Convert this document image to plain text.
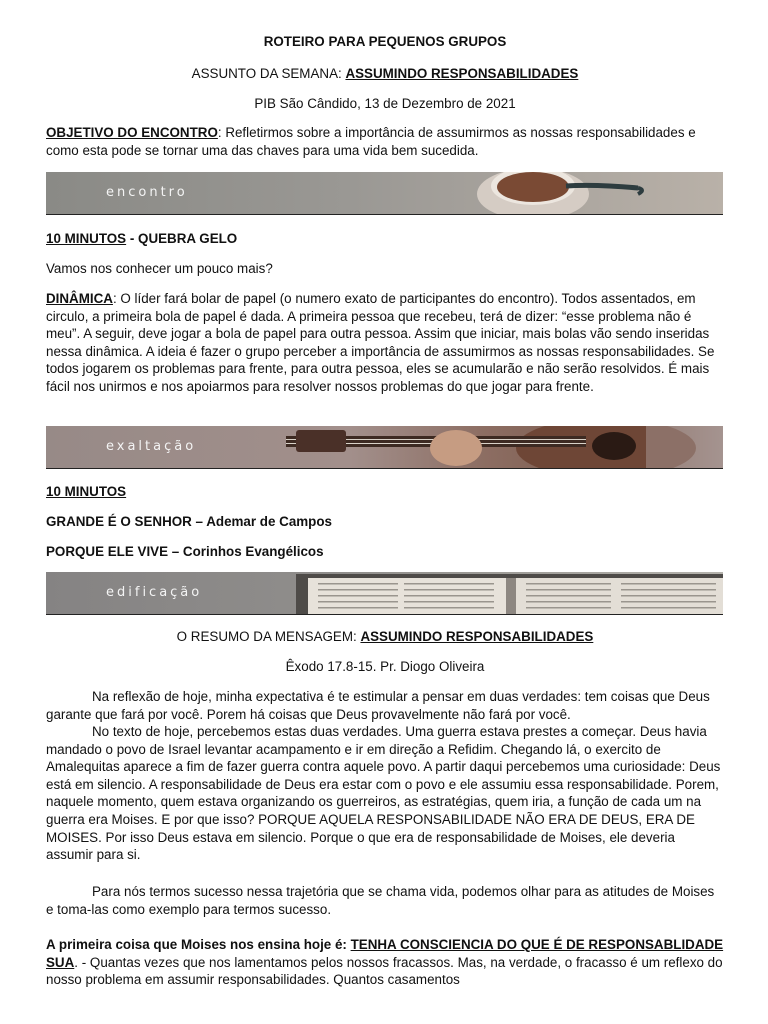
ROTEIRO PARA PEQUENOS GRUPOS

ASSUNTO DA SEMANA: ASSUMINDO RESPONSABILIDADES

PIB São Cândido, 13 de Dezembro de 2021

OBJETIVO DO ENCONTRO: Refletirmos sobre a importância de assumirmos as nossas responsabilidades e como esta pode se tornar uma das chaves para uma vida bem sucedida.

encontro

10 MINUTOS - QUEBRA GELO

Vamos nos conhecer um pouco mais?

DINÂMICA: O líder fará bolar de papel (o numero exato de participantes do encontro). Todos assentados, em circulo, a primeira bola de papel é dada. A primeira pessoa que recebeu, terá de dizer: “esse problema não é meu”. A seguir, deve jogar a bola de papel para outra pessoa. Assim que iniciar, mais bolas vão sendo inseridas nessa dinâmica. A ideia é fazer o grupo perceber a importância de assumirmos as nossas responsabilidades. Se todos jogarem os problemas para frente, para outra pessoa, eles se acumularão e não serão resolvidos. É mais fácil nos unirmos e nos apoiarmos para resolver nossos problemas do que jogar para frente.

exaltação

10 MINUTOS

GRANDE É O SENHOR – Ademar de Campos

PORQUE ELE VIVE – Corinhos Evangélicos

edificação

O RESUMO DA MENSAGEM: ASSUMINDO RESPONSABILIDADES

Êxodo 17.8-15. Pr. Diogo Oliveira

Na reflexão de hoje, minha expectativa é te estimular a pensar em duas verdades: tem coisas que Deus garante que fará por você. Porem há coisas que Deus provavelmente não fará por você.

No texto de hoje, percebemos estas duas verdades. Uma guerra estava prestes a começar. Deus havia mandado o povo de Israel levantar acampamento e ir em direção a Refidim. Chegando lá, o exercito de Amalequitas aparece a fim de fazer guerra contra aquele povo. A partir daqui percebemos uma curiosidade: Deus está em silencio. A responsabilidade de Deus era estar com o povo e ele assumiu essa responsabilidade. Porem, naquele momento, quem estava organizando os guerreiros, as estratégias, quem iria, a função de cada um na guerra era Moises. E por que isso? PORQUE AQUELA RESPONSABILIDADE NÃO ERA DE DEUS, ERA DE MOISES. Por isso Deus estava em silencio. Porque o que era de responsabilidade de Moises, ele deveria assumir para si.

Para nós termos sucesso nessa trajetória que se chama vida, podemos olhar para as atitudes de Moises e toma-las como exemplo para termos sucesso.

A primeira coisa que Moises nos ensina hoje é: TENHA CONSCIENCIA DO QUE É DE RESPONSABLIDADE SUA. - Quantas vezes que nos lamentamos pelos nossos fracassos. Mas, na verdade, o fracasso é um reflexo do nosso problema em assumir responsabilidades. Quantos casamentos
